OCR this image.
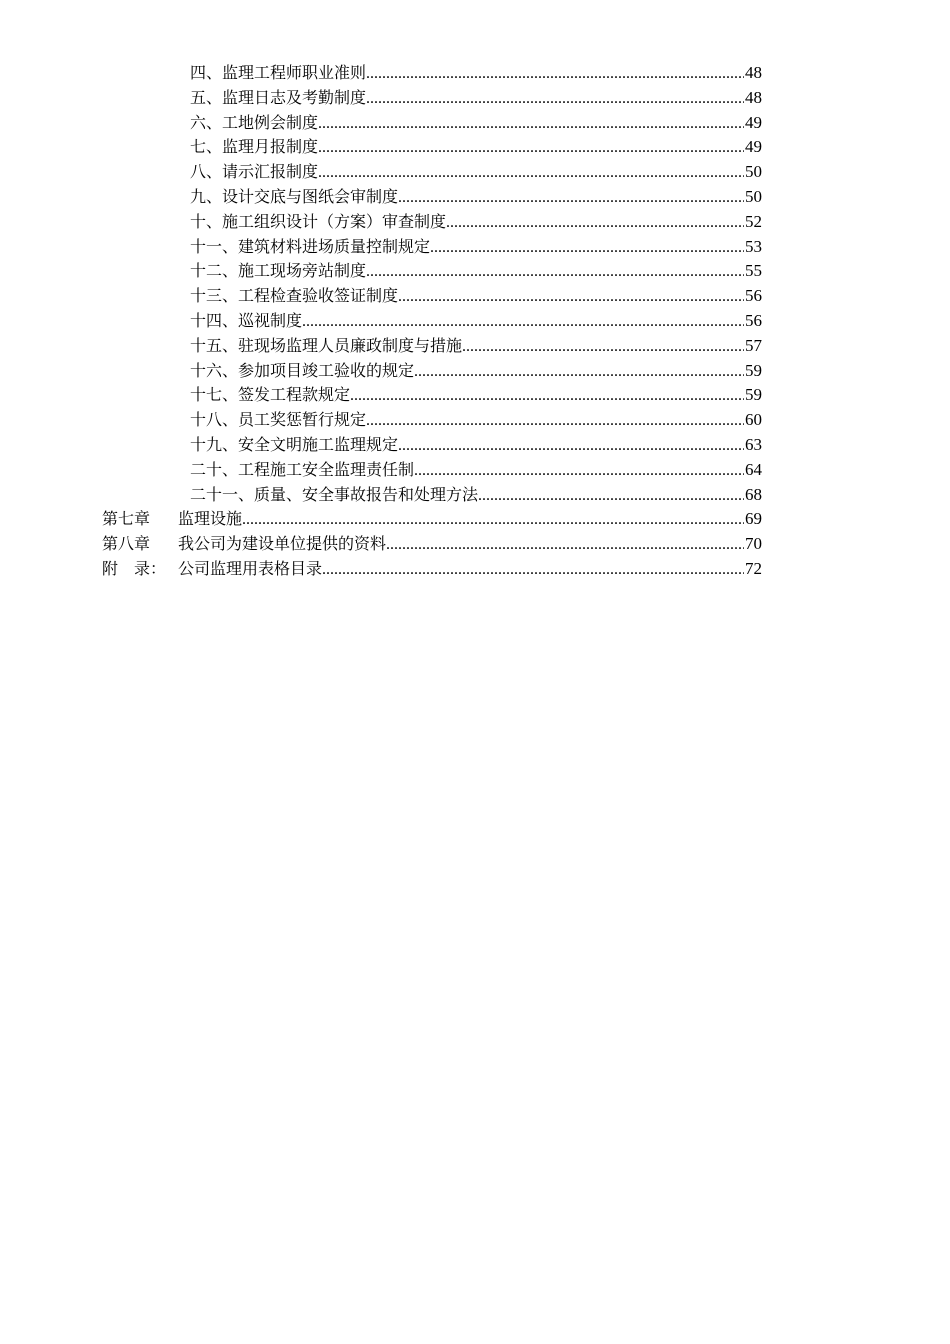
四、 监理工程师职业准则 .....	48
五、 监理日志及考勤制度 .....	48
六、 工地例会制度 .....	49
七、 监理月报制度 .....	49
八、 请示汇报制度 .....	50
九、 设计交底与图纸会审制度 .....	50
十、 施工组织设计（方案）审查制度 .....	52
十一、 建筑材料进场质量控制规定 .....	53
十二、 施工现场旁站制度 .....	55
十三、 工程检查验收签证制度 .....	56
十四、 巡视制度 .....	56
十五、 驻现场监理人员廉政制度与措施 .....	57
十六、 参加项目竣工验收的规定 .....	59
十七、 签发工程款规定 .....	59
十八、 员工奖惩暂行规定 .....	60
十九、 安全文明施工监理规定 .....	63
二十、 工程施工安全监理责任制 .....	64
二十一、 质量、安全事故报告和处理方法 .....	68
第七章	监理设施 .....	69
第八章	我公司为建设单位提供的资料 .....	70
附　录： 公司监理用表格目录 .....	72
